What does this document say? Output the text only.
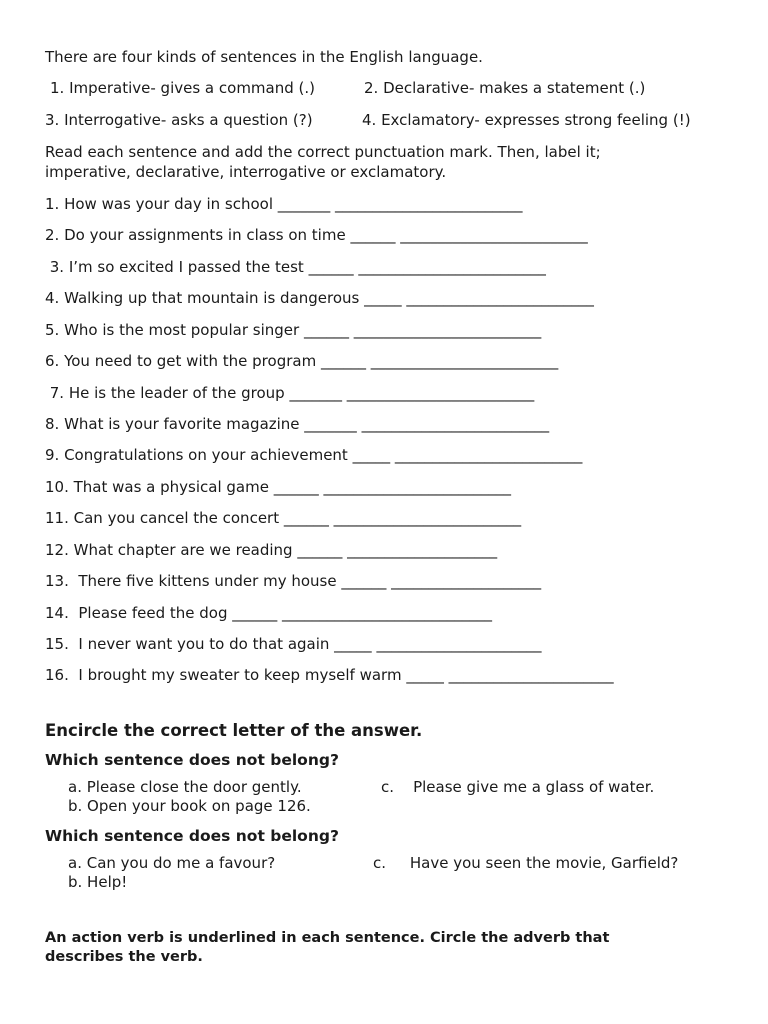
There are four kinds of sentences in the English language.
1. Imperative- gives a command (.)	2. Declarative- makes a statement (.)
3. Interrogative- asks a question (?)	4. Exclamatory- expresses strong feeling (!)
Read each sentence and add the correct punctuation mark. Then, label it;
imperative, declarative, interrogative or exclamatory.
1. How was your day in school _______ _________________________
2. Do your assignments in class on time ______ _________________________
3. I’m so excited I passed the test ______ _________________________
4. Walking up that mountain is dangerous _____ _________________________
5. Who is the most popular singer ______ _________________________
6. You need to get with the program ______ _________________________
7. He is the leader of the group _______ _________________________
8. What is your favorite magazine _______ _________________________
9. Congratulations on your achievement _____ _________________________
10. That was a physical game ______ _________________________
11. Can you cancel the concert ______ _________________________
12. What chapter are we reading ______ ____________________
13.  There five kittens under my house ______ ____________________
14.  Please feed the dog ______ ____________________________
15.  I never want you to do that again _____ ______________________
16.  I brought my sweater to keep myself warm _____ ______________________
Encircle the correct letter of the answer.
Which sentence does not belong?
a. Please close the door gently.	c.    Please give me a glass of water.
b. Open your book on page 126.
Which sentence does not belong?
a. Can you do me a favour?	c.     Have you seen the movie, Garfield?
b. Help!
An action verb is underlined in each sentence. Circle the adverb that
describes the verb.
